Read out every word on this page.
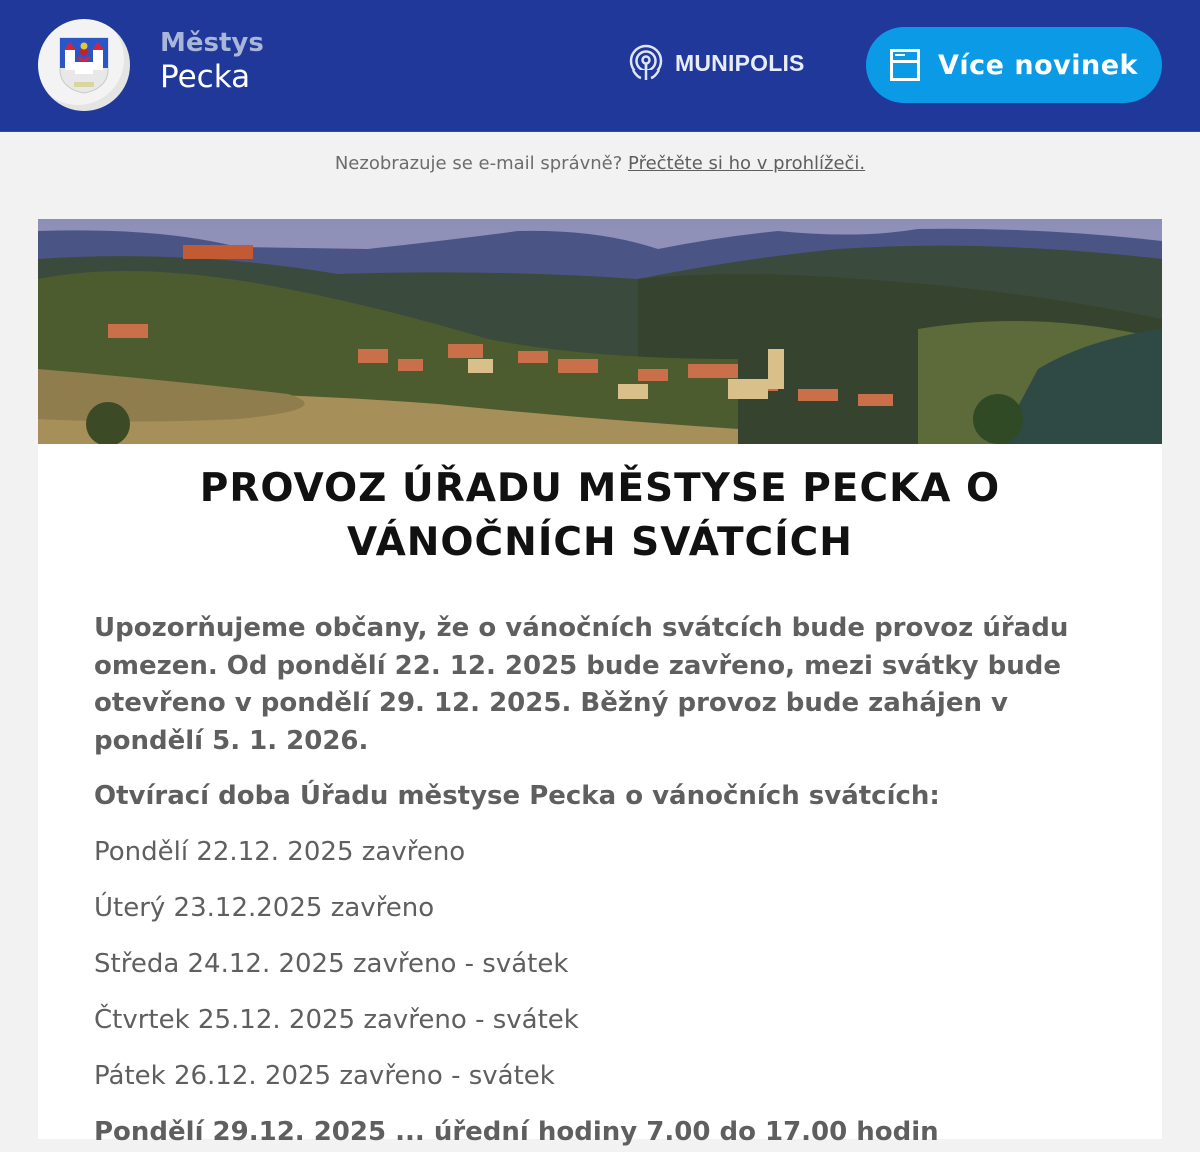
Městys
Pecka	MUNIPOLIS	Více novinek
Nezobrazuje se e-mail správně? Přečtěte si ho v prohlížeči.
PROVOZ ÚŘADU MĚSTYSE PECKA O VÁNOČNÍCH SVÁTCÍCH

Upozorňujeme občany, že o vánočních svátcích bude provoz úřadu omezen. Od pondělí 22. 12. 2025 bude zavřeno, mezi svátky bude otevřeno v pondělí 29. 12. 2025. Běžný provoz bude zahájen v pondělí 5. 1. 2026.

Otvírací doba Úřadu městyse Pecka o vánočních svátcích:

Pondělí 22.12. 2025 zavřeno

Úterý 23.12.2025 zavřeno

Středa 24.12. 2025 zavřeno - svátek

Čtvrtek 25.12. 2025 zavřeno - svátek

Pátek 26.12. 2025 zavřeno - svátek

Pondělí 29.12. 2025 ... úřední hodiny 7.00 do 17.00 hodin
